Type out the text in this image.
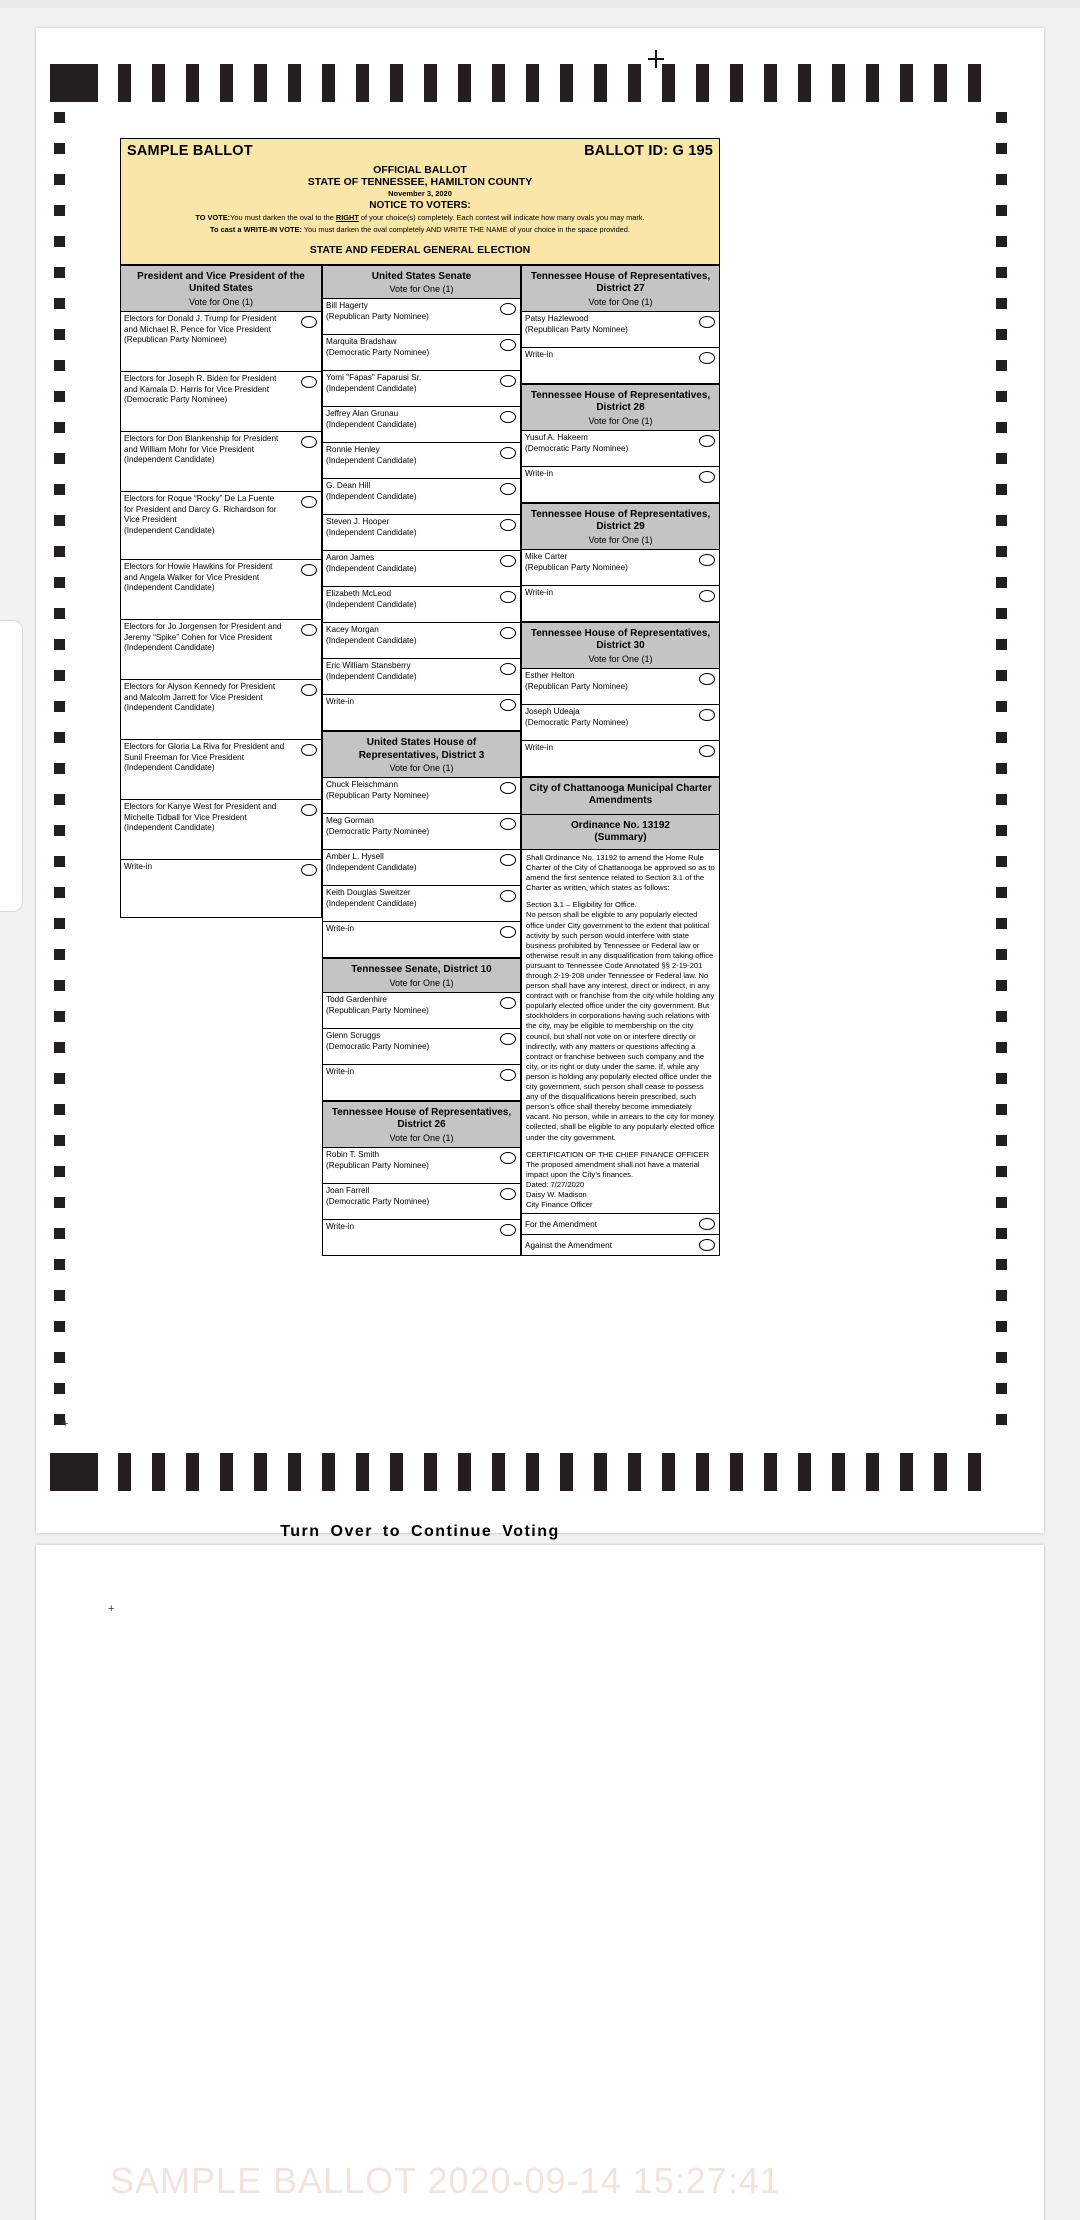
+
SAMPLE BALLOT	BALLOT ID: G 195
OFFICIAL BALLOT
STATE OF TENNESSEE, HAMILTON COUNTY
November 3, 2020
NOTICE TO VOTERS:
TO VOTE:You must darken the oval to the RIGHT of your choice(s) completely. Each contest will indicate how many ovals you may mark.
To cast a WRITE-IN VOTE: You must darken the oval completely AND WRITE THE NAME of your choice in the space provided.
STATE AND FEDERAL GENERAL ELECTION
President and Vice President of the United States
Vote for One (1)
Electors for Donald J. Trump for President
and Michael R. Pence for Vice President
(Republican Party Nominee)
Electors for Joseph R. Biden for President
and Kamala D. Harris for Vice President
(Democratic Party Nominee)
Electors for Don Blankenship for President
and William Mohr for Vice President
(Independent Candidate)
Electors for Roque “Rocky” De La Fuente
for President and Darcy G. Richardson for
Vice President
(Independent Candidate)
Electors for Howie Hawkins for President
and Angela Walker for Vice President
(Independent Candidate)
Electors for Jo Jorgensen for President and
Jeremy “Spike” Cohen for Vice President
(Independent Candidate)
Electors for Alyson Kennedy for President
and Malcolm Jarrett for Vice President
(Independent Candidate)
Electors for Gloria La Riva for President and
Sunil Freeman for Vice President
(Independent Candidate)
Electors for Kanye West for President and
Michelle Tidball for Vice President
(Independent Candidate)
Write-in
United States Senate
Vote for One (1)
Bill Hagerty
(Republican Party Nominee)
Marquita Bradshaw
(Democratic Party Nominee)
Yomi "Fapas" Faparusi Sr.
(Independent Candidate)
Jeffrey Alan Grunau
(Independent Candidate)
Ronnie Henley
(Independent Candidate)
G. Dean Hill
(Independent Candidate)
Steven J. Hooper
(Independent Candidate)
Aaron James
(Independent Candidate)
Elizabeth McLeod
(Independent Candidate)
Kacey Morgan
(Independent Candidate)
Eric William Stansberry
(Independent Candidate)
Write-in
United States House of Representatives, District 3
Vote for One (1)
Chuck Fleischmann
(Republican Party Nominee)
Meg Gorman
(Democratic Party Nominee)
Amber L. Hysell
(Independent Candidate)
Keith Douglas Sweitzer
(Independent Candidate)
Write-in
Tennessee Senate, District 10
Vote for One (1)
Todd Gardenhire
(Republican Party Nominee)
Glenn Scruggs
(Democratic Party Nominee)
Write-in
Tennessee House of Representatives, District 26
Vote for One (1)
Robin T. Smith
(Republican Party Nominee)
Joan Farrell
(Democratic Party Nominee)
Write-in
Tennessee House of Representatives, District 27
Vote for One (1)
Patsy Hazlewood
(Republican Party Nominee)
Write-in
Tennessee House of Representatives, District 28
Vote for One (1)
Yusuf A. Hakeem
(Democratic Party Nominee)
Write-in
Tennessee House of Representatives, District 29
Vote for One (1)
Mike Carter
(Republican Party Nominee)
Write-in
Tennessee House of Representatives, District 30
Vote for One (1)
Esther Helton
(Republican Party Nominee)
Joseph Udeaja
(Democratic Party Nominee)
Write-in
City of Chattanooga Municipal Charter Amendments
Ordinance No. 13192
(Summary)

Shall Ordinance No. 13192 to amend the Home Rule Charter of the City of Chattanooga be approved so as to amend the first sentence related to Section 3.1 of the Charter as written, which states as follows:

Section 3.1 – Eligibility for Office.

No person shall be eligible to any popularly elected office under City government to the extent that political activity by such person would interfere with state business prohibited by Tennessee or Federal law or otherwise result in any disqualification from taking office pursuant to Tennessee Code Annotated §§ 2-19-201 through 2-19-208 under Tennessee or Federal law. No person shall have any interest, direct or indirect, in any contract with or franchise from the city while holding any popularly elected office under the city government. But stockholders in corporations having such relations with the city, may be eligible to membership on the city council, but shall not vote on or interfere directly or indirectly, with any matters or questions affecting a contract or franchise between such company and the city, or its right or duty under the same. If, while any person is holding any popularly elected office under the city government, such person shall cease to possess any of the disqualifications herein prescribed, such person’s office shall thereby become immediately vacant. No person, while in arrears to the city for money collected, shall be eligible to any popularly elected office under the city government.

CERTIFICATION OF THE CHIEF FINANCE OFFICER

The proposed amendment shall not have a material impact upon the City’s finances.

Dated: 7/27/2020

Daisy W. Madison

City Finance Officer

For the Amendment
Against the Amendment
Turn Over to Continue Voting
+
SAMPLE BALLOT 2020-09-14 15:27:41
